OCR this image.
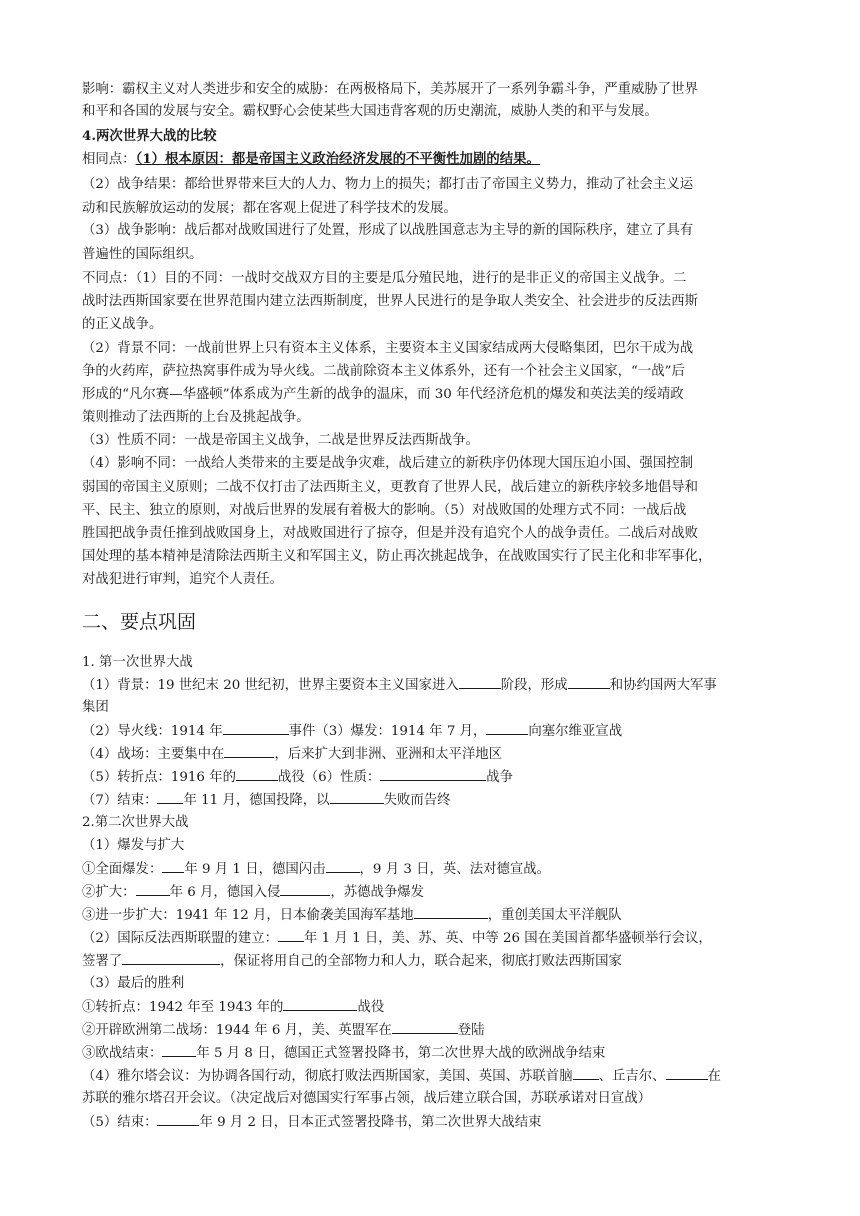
影响：霸权主义对人类进步和安全的威胁：在两极格局下，美苏展开了一系列争霸斗争，严重威胁了世界
和平和各国的发展与安全。霸权野心会使某些大国违背客观的历史潮流，威胁人类的和平与发展。
4.两次世界大战的比较
相同点：（1）根本原因：都是帝国主义政治经济发展的不平衡性加剧的结果。
（2）战争结果：都给世界带来巨大的人力、物力上的损失；都打击了帝国主义势力，推动了社会主义运
动和民族解放运动的发展；都在客观上促进了科学技术的发展。
（3）战争影响：战后都对战败国进行了处置，形成了以战胜国意志为主导的新的国际秩序，建立了具有
普遍性的国际组织。
不同点：（1）目的不同：一战时交战双方目的主要是瓜分殖民地，进行的是非正义的帝国主义战争。二
战时法西斯国家要在世界范围内建立法西斯制度，世界人民进行的是争取人类安全、社会进步的反法西斯
的正义战争。
（2）背景不同：一战前世界上只有资本主义体系，主要资本主义国家结成两大侵略集团，巴尔干成为战
争的火药库，萨拉热窝事件成为导火线。二战前除资本主义体系外，还有一个社会主义国家，“一战”后
形成的“凡尔赛—华盛顿”体系成为产生新的战争的温床，而 30 年代经济危机的爆发和英法美的绥靖政
策则推动了法西斯的上台及挑起战争。
（3）性质不同：一战是帝国主义战争，二战是世界反法西斯战争。
（4）影响不同：一战给人类带来的主要是战争灾难，战后建立的新秩序仍体现大国压迫小国、强国控制
弱国的帝国主义原则；二战不仅打击了法西斯主义，更教育了世界人民，战后建立的新秩序较多地倡导和
平、民主、独立的原则，对战后世界的发展有着极大的影响。（5）对战败国的处理方式不同：一战后战
胜国把战争责任推到战败国身上，对战败国进行了掠夺，但是并没有追究个人的战争责任。二战后对战败
国处理的基本精神是清除法西斯主义和军国主义，防止再次挑起战争，在战败国实行了民主化和非军事化，
对战犯进行审判，追究个人责任。
二、要点巩固
1. 第一次世界大战
（1）背景：19 世纪末 20 世纪初，世界主要资本主义国家进入	阶段，形成	和协约国两大军事
集团
（2）导火线：1914 年	事件（3）爆发：1914 年 7 月，	向塞尔维亚宣战
（4）战场：主要集中在	，后来扩大到非洲、亚洲和太平洋地区
（5）转折点：1916 年的	战役（6）性质：	战争
（7）结束： 年 11 月，德国投降，以	失败而告终
2.第二次世界大战
（1）爆发与扩大
①全面爆发： 年 9 月 1 日，德国闪击	，9 月 3 日，英、法对德宣战。
②扩大：	年 6 月，德国入侵	，苏德战争爆发
③进一步扩大：1941 年 12 月，日本偷袭美国海军基地	，重创美国太平洋舰队
（2）国际反法西斯联盟的建立： 年 1 月 1 日，美、苏、英、中等 26 国在美国首都华盛顿举行会议，
签署了	，保证将用自己的全部物力和人力，联合起来，彻底打败法西斯国家
（3）最后的胜利
①转折点：1942 年至 1943 年的	战役
②开辟欧洲第二战场：1944 年 6 月，美、英盟军在	登陆
③欧战结束：	年 5 月 8 日，德国正式签署投降书，第二次世界大战的欧洲战争结束
（4）雅尔塔会议：为协调各国行动，彻底打败法西斯国家，美国、英国、苏联首脑 、丘吉尔、	在
苏联的雅尔塔召开会议。（决定战后对德国实行军事占领，战后建立联合国，苏联承诺对日宣战）
（5）结束：	年 9 月 2 日，日本正式签署投降书，第二次世界大战结束
